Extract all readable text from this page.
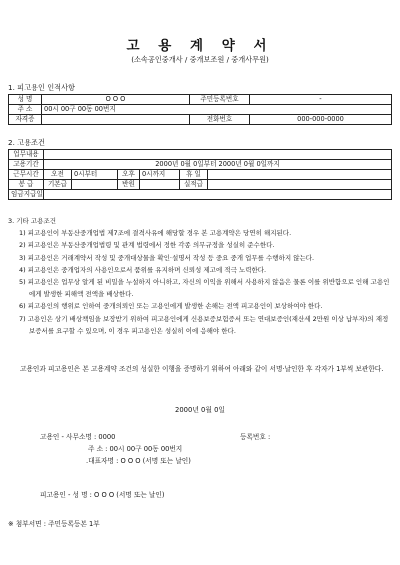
고 용 계 약 서
(소속공인중개사 / 중개보조원 / 중개사무원)
1. 피고용인 인적사항
성 명	O O O	주민등록번호	-
주 소	00시 00구 00동 00번지		
자격증		전화번호	000-000-0000
2. 고용조건
업무내용						
고용기간	2000년 0월 0일부터 2000년 0월 0일까지					
근무시간	오전	0시부터	오후	0시까지	휴 일	
봉 급	기본급		반원		실적급	
임금지급일						

3. 기타 고용조건

1) 피고용인이 부동산중개업법 제7조에 결격사유에 해당할 경우 본 고용계약은 당연히 해지된다.

2) 피고용인은 부동산중개업법령 및 관계 법령에서 정한 각종 의무규정을 성실히 준수한다.

3) 피고용인은 거래계약서 작성 및 중개대상물을 확인·설명서 작성 등 중요 중개 업무를 수행하지 않는다.

4) 피고용인은 중개업자의 사용인으로서 품위를 유지하며 신뢰성 제고에 적극 노력한다.

5) 피고용인은 업무상 알게 된 비밀을 누설하지 아니하고, 자신의 이익을 위해서 사용하지 않음은 물론 이를 위반함으로 인해 고용인에게 발생한 피해액 전액을 배상한다.

6) 피고용인의 행위로 인하여 중개의뢰인 또는 고용인에게 발생한 손해는 전액 피고용인이 보상하여야 한다.

7) 고용인은 상기 배상책임을 보장받기 위하여 피고용인에게 신용보증보험증서 또는 연대보증인(재산세 2만원 이상 납부자)의 재정보증서를 요구할 수 있으며, 이 경우 피고용인은 성실히 이에 응해야 한다.

고용인과 피고용인은 본 고용계약 조건의 성실한 이행을 증명하기 위하여 아래와 같이 서명·날인한 후 각자가 1부씩 보관한다.
2000년 0월 0일
고용인 - 사무소명 : 0000	등록번호 :
주 소 : 00시 00구 00동 00번지
.대표자명 : O O O (서명 또는 날인)
피고용인 - 성 명 : O O O (서명 또는 날인)
※ 첨부서면 : 주민등록등본 1부
